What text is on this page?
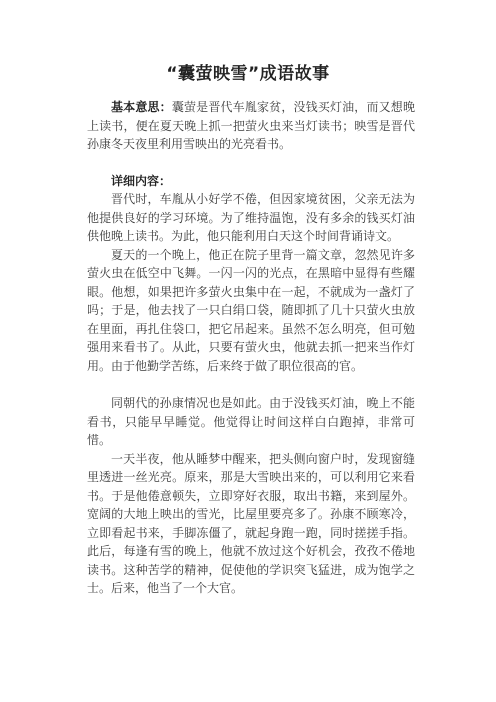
“囊萤映雪”成语故事

基本意思：囊萤是晋代车胤家贫，没钱买灯油，而又想晚上读书，便在夏天晚上抓一把萤火虫来当灯读书；映雪是晋代孙康冬天夜里利用雪映出的光亮看书。

详细内容：

晋代时，车胤从小好学不倦，但因家境贫困，父亲无法为他提供良好的学习环境。为了维持温饱，没有多余的钱买灯油供他晚上读书。为此，他只能利用白天这个时间背诵诗文。

夏天的一个晚上，他正在院子里背一篇文章，忽然见许多萤火虫在低空中飞舞。一闪一闪的光点，在黑暗中显得有些耀眼。他想，如果把许多萤火虫集中在一起，不就成为一盏灯了吗；于是，他去找了一只白绢口袋，随即抓了几十只萤火虫放在里面，再扎住袋口，把它吊起来。虽然不怎么明亮，但可勉强用来看书了。从此，只要有萤火虫，他就去抓一把来当作灯用。由于他勤学苦练，后来终于做了职位很高的官。

同朝代的孙康情况也是如此。由于没钱买灯油，晚上不能看书，只能早早睡觉。他觉得让时间这样白白跑掉，非常可惜。

一天半夜，他从睡梦中醒来，把头侧向窗户时，发现窗缝里透进一丝光亮。原来，那是大雪映出来的，可以利用它来看书。于是他倦意顿失，立即穿好衣服，取出书籍，来到屋外。宽阔的大地上映出的雪光，比屋里要亮多了。孙康不顾寒冷，立即看起书来，手脚冻僵了，就起身跑一跑，同时搓搓手指。此后，每逢有雪的晚上，他就不放过这个好机会，孜孜不倦地读书。这种苦学的精神，促使他的学识突飞猛进，成为饱学之士。后来，他当了一个大官。
